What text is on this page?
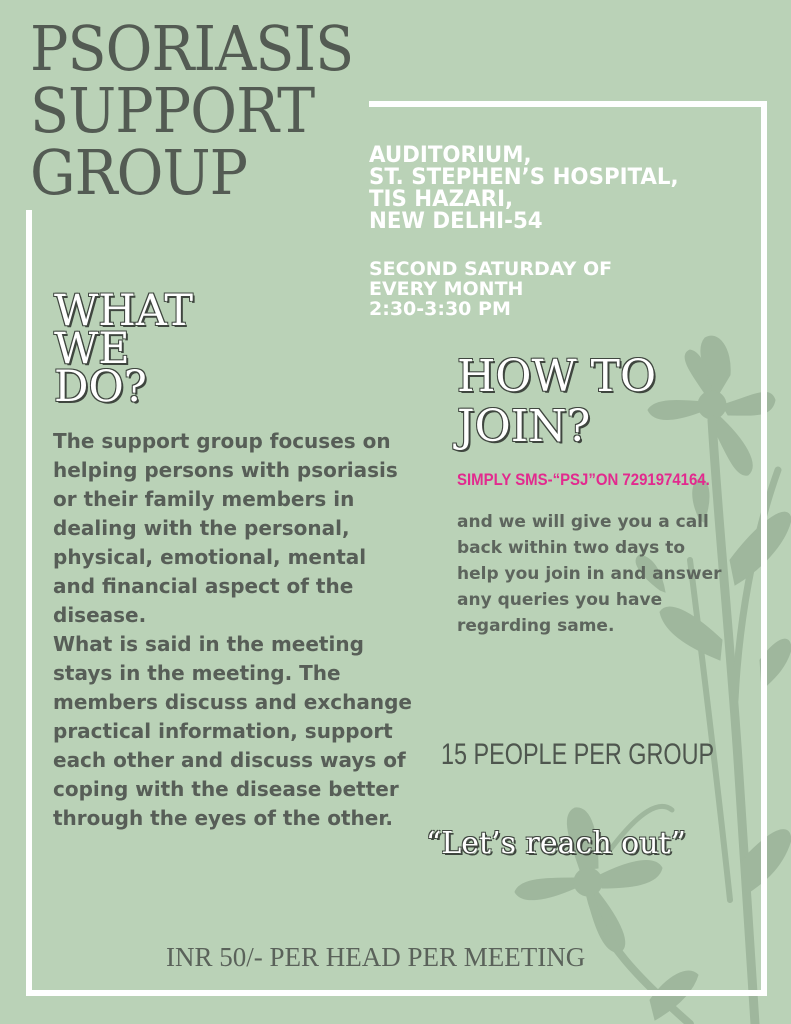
PSORIASIS
SUPPORT
GROUP	AUDITORIUM,
ST. STEPHEN’S HOSPITAL,
TIS HAZARI,
NEW DELHI-54
SECOND SATURDAY OF
EVERY MONTH
2:30-3:30 PM
WHAT
WE
DO?

The support group focuses on helping persons with psoriasis or their family members in dealing with the personal, physical, emotional, mental and financial aspect of the disease.

What is said in the meeting stays in the meeting. The members discuss and exchange practical information, support each other and discuss ways of coping with the disease better through the eyes of the other.

HOW TO
JOIN?
SIMPLY SMS-“PSJ”ON 7291974164.
and we will give you a call back within two days to help you join in and answer any queries you have regarding same.
15 PEOPLE PER GROUP
“Let’s reach out”
INR 50/- PER HEAD PER MEETING
